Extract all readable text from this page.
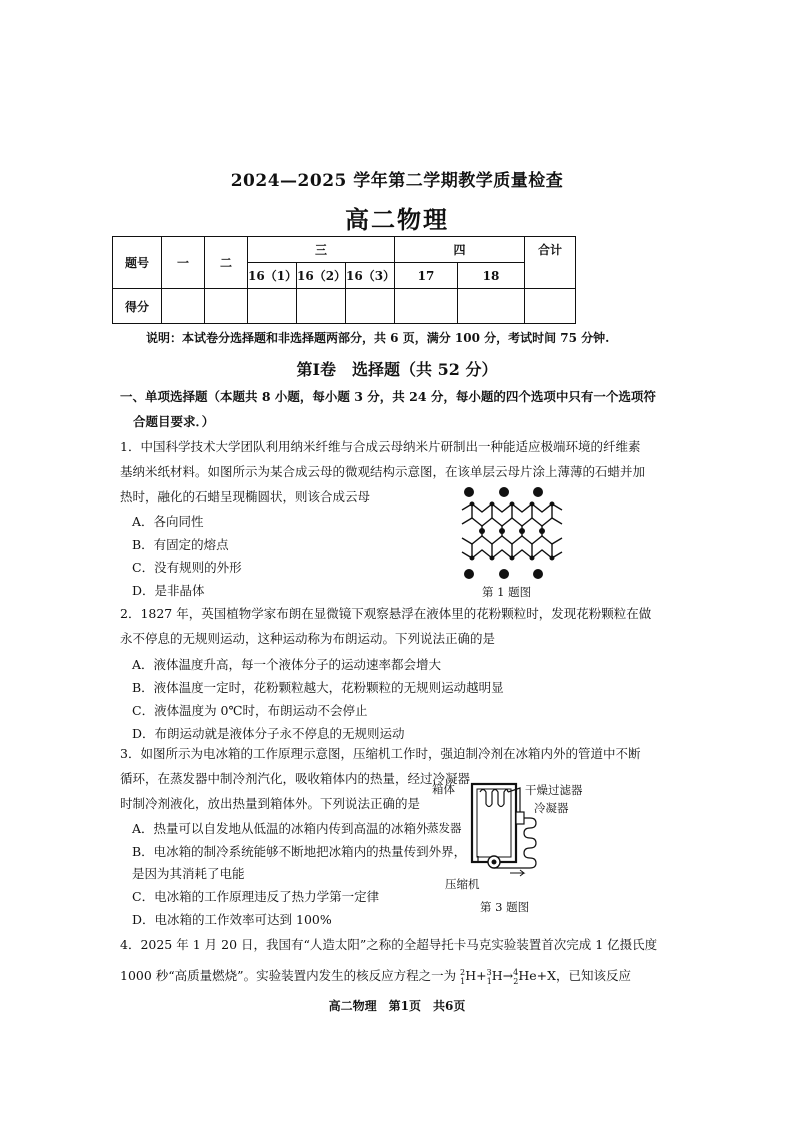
2024—2025 学年第二学期教学质量检查
高二物理
题号	一	二	三			四		合计
			16（1）	16（2）	16（3）	17	18	
得分								
说明：本试卷分选择题和非选择题两部分，共 6 页，满分 100 分，考试时间 75 分钟.
第Ⅰ卷　选择题（共 52 分）
一、单项选择题（本题共 8 小题，每小题 3 分，共 24 分，每小题的四个选项中只有一个选项符
合题目要求．）
1．中国科学技术大学团队利用纳米纤维与合成云母纳米片研制出一种能适应极端环境的纤维素
基纳米纸材料。如图所示为某合成云母的微观结构示意图，在该单层云母片涂上薄薄的石蜡并加
热时，融化的石蜡呈现椭圆状，则该合成云母
A．各向同性
B．有固定的熔点
C．没有规则的外形
D．是非晶体	第 1 题图
2．1827 年，英国植物学家布朗在显微镜下观察悬浮在液体里的花粉颗粒时，发现花粉颗粒在做
永不停息的无规则运动，这种运动称为布朗运动。下列说法正确的是
A．液体温度升高，每一个液体分子的运动速率都会增大
B．液体温度一定时，花粉颗粒越大，花粉颗粒的无规则运动越明显
C．液体温度为 0℃时，布朗运动不会停止
D．布朗运动就是液体分子永不停息的无规则运动
3．如图所示为电冰箱的工作原理示意图，压缩机工作时，强迫制冷剂在冰箱内外的管道中不断
循环，在蒸发器中制冷剂汽化，吸收箱体内的热量，经过冷凝器
时制冷剂液化，放出热量到箱体外。下列说法正确的是
A．热量可以自发地从低温的冰箱内传到高温的冰箱外
B．电冰箱的制冷系统能够不断地把冰箱内的热量传到外界，
是因为其消耗了电能
C．电冰箱的工作原理违反了热力学第一定律
D．电冰箱的工作效率可达到 100%
箱体	干燥过滤器
冷凝器
蒸发器
压缩机
第 3 题图
4．2025 年 1 月 20 日，我国有“人造太阳”之称的全超导托卡马克实验装置首次完成 1 亿摄氏度
1000 秒“高质量燃烧”。实验装置内发生的核反应方程之一为 $^2_1$H+$^3_1$H→$^4_2$He+X，已知该反应
高二物理　第1页　共6页
